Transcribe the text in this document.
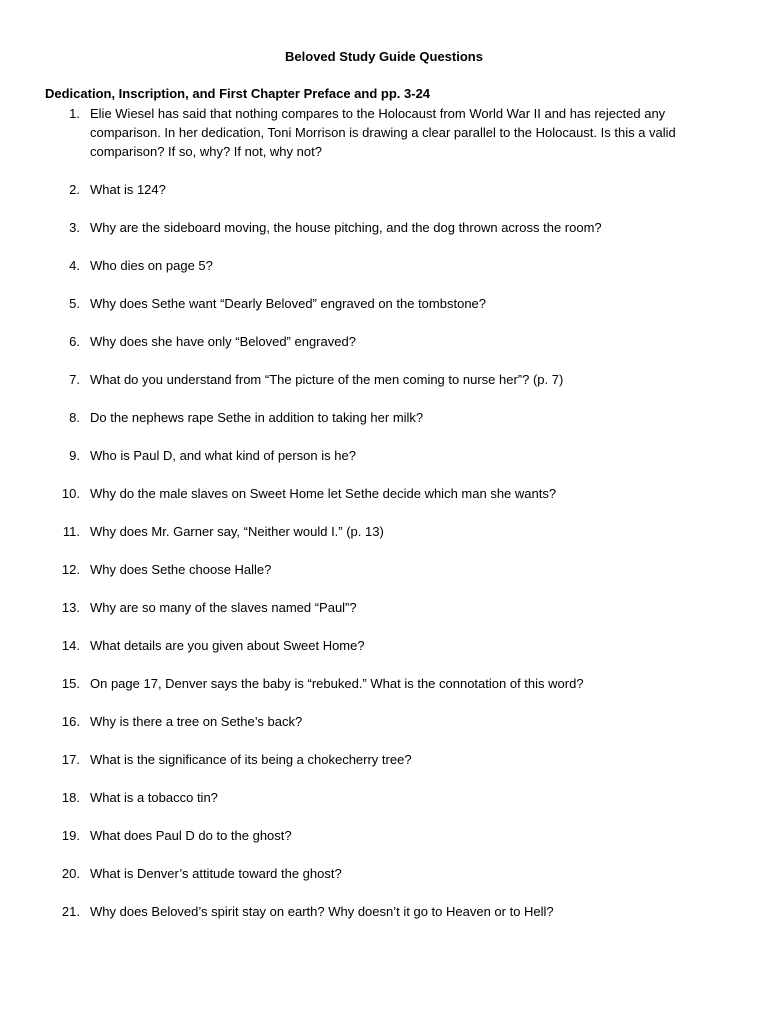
Beloved Study Guide Questions
Dedication, Inscription, and First Chapter Preface and pp. 3-24
1. Elie Wiesel has said that nothing compares to the Holocaust from World War II and has rejected any comparison. In her dedication, Toni Morrison is drawing a clear parallel to the Holocaust. Is this a valid comparison? If so, why? If not, why not?
2. What is 124?
3. Why are the sideboard moving, the house pitching, and the dog thrown across the room?
4. Who dies on page 5?
5. Why does Sethe want “Dearly Beloved” engraved on the tombstone?
6. Why does she have only “Beloved” engraved?
7. What do you understand from “The picture of the men coming to nurse her”? (p. 7)
8. Do the nephews rape Sethe in addition to taking her milk?
9. Who is Paul D, and what kind of person is he?
10. Why do the male slaves on Sweet Home let Sethe decide which man she wants?
11. Why does Mr. Garner say, “Neither would I.” (p. 13)
12. Why does Sethe choose Halle?
13. Why are so many of the slaves named “Paul”?
14. What details are you given about Sweet Home?
15. On page 17, Denver says the baby is “rebuked.” What is the connotation of this word?
16. Why is there a tree on Sethe’s back?
17. What is the significance of its being a chokecherry tree?
18. What is a tobacco tin?
19. What does Paul D do to the ghost?
20. What is Denver’s attitude toward the ghost?
21. Why does Beloved’s spirit stay on earth? Why doesn’t it go to Heaven or to Hell?
